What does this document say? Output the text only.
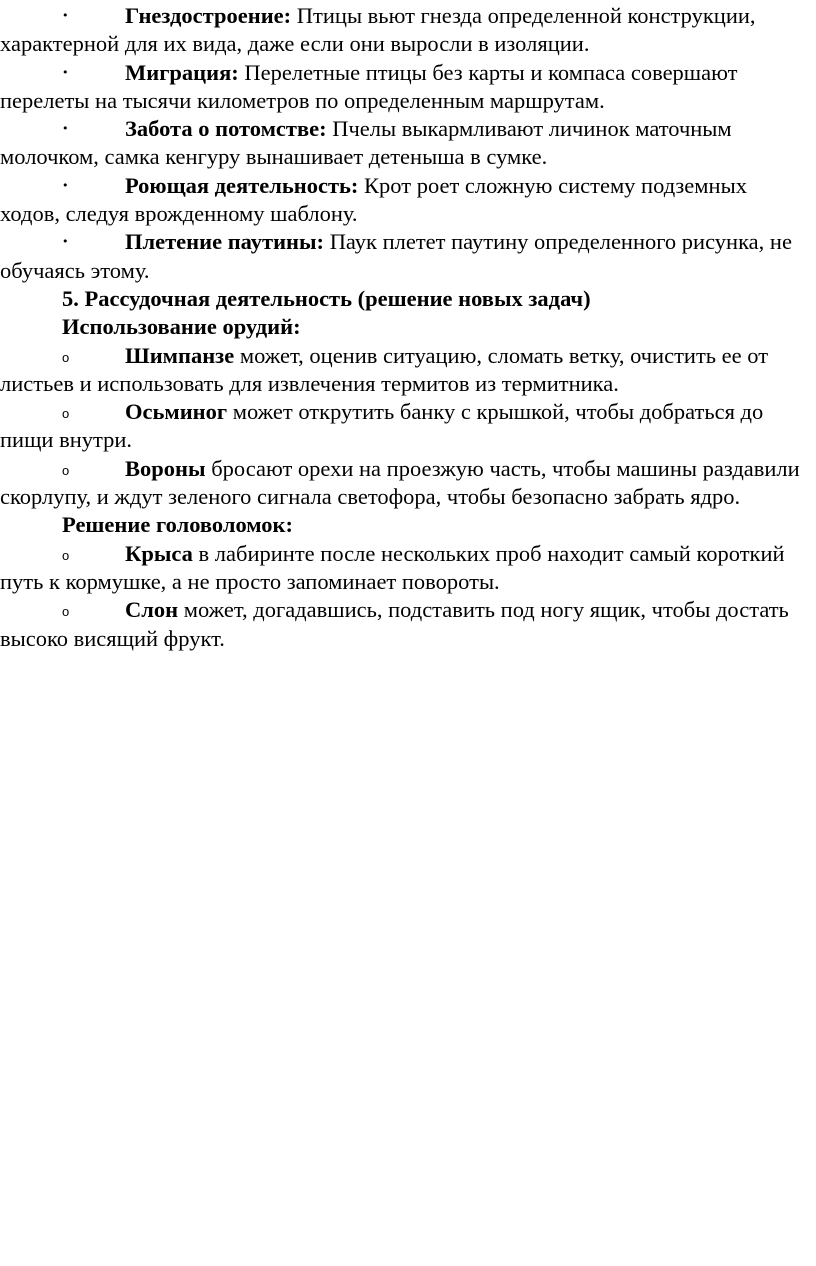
•	Гнездостроение: Птицы вьют гнезда определенной конструкции, характерной для их вида, даже если они выросли в изоляции.

•	Миграция: Перелетные птицы без карты и компаса совершают перелеты на тысячи километров по определенным маршрутам.

•	Забота о потомстве: Пчелы выкармливают личинок маточным молочком, самка кенгуру вынашивает детеныша в сумке.

•	Роющая деятельность: Крот роет сложную систему подземных ходов, следуя врожденному шаблону.

•	Плетение паутины: Паук плетет паутину определенного рисунка, не обучаясь этому.

5. Рассудочная деятельность (решение новых задач)

Использование орудий:

o Шимпанзе может, оценив ситуацию, сломать ветку, очистить ее от листьев и использовать для извлечения термитов из термитника.

o Осьминог может открутить банку с крышкой, чтобы добраться до пищи внутри.

o Вороны бросают орехи на проезжую часть, чтобы машины раздавили скорлупу, и ждут зеленого сигнала светофора, чтобы безопасно забрать ядро.

Решение головоломок:

o Крыса в лабиринте после нескольких проб находит самый короткий путь к кормушке, а не просто запоминает повороты.

o Слон может, догадавшись, подставить под ногу ящик, чтобы достать высоко висящий фрукт.
